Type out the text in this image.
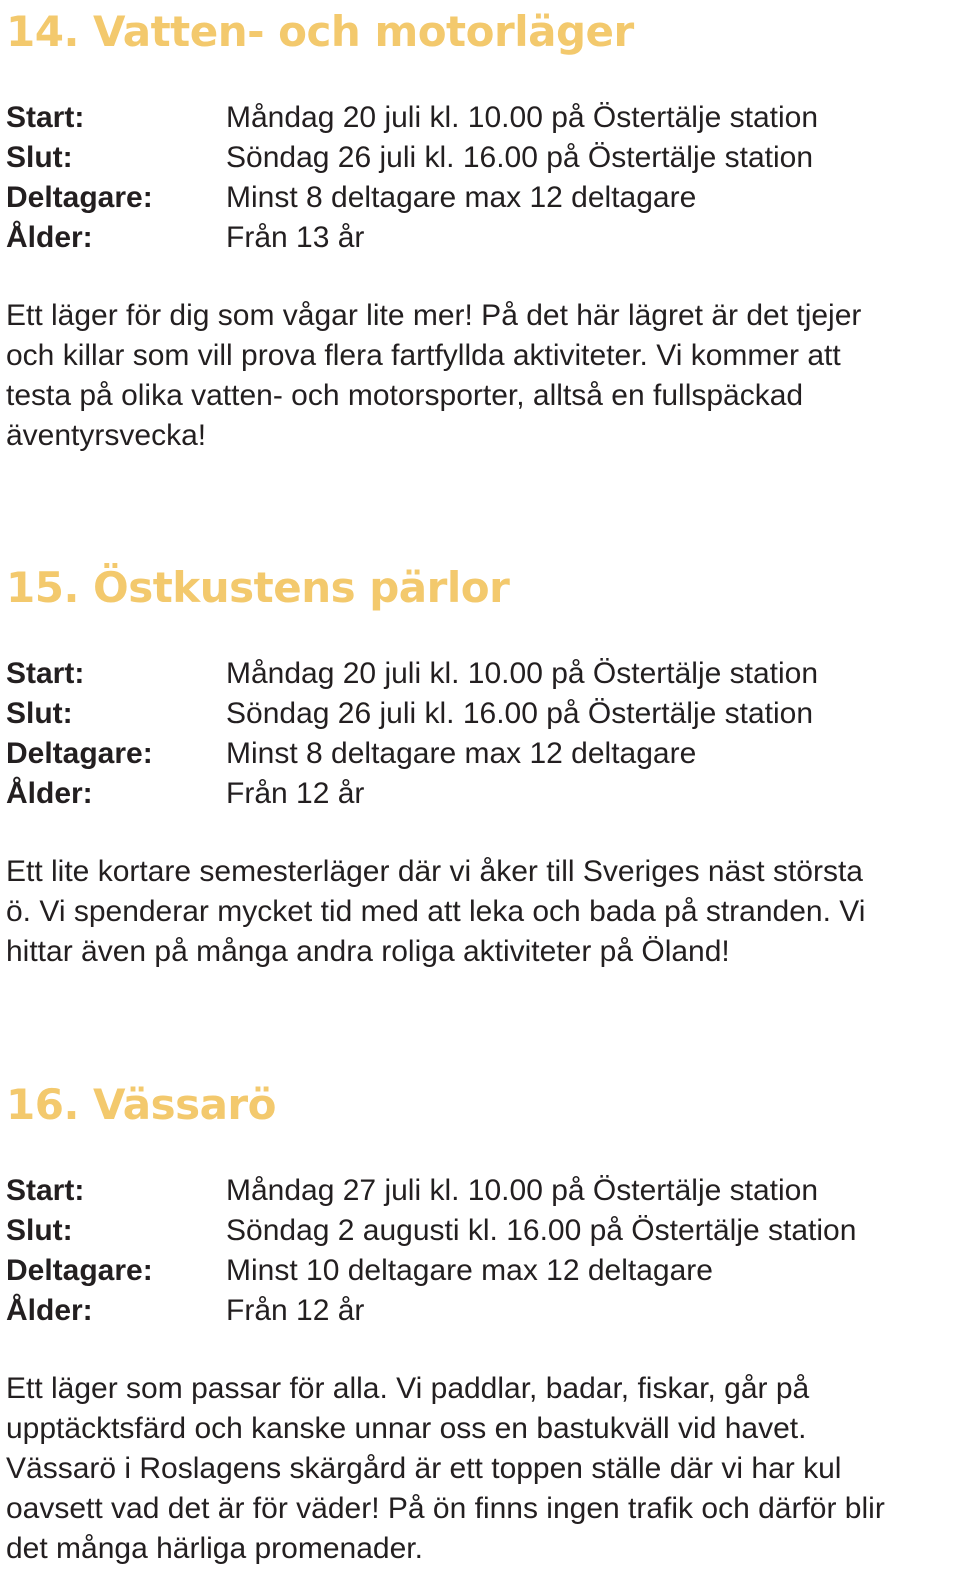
14. Vatten- och motorläger
Start:	Måndag 20 juli kl. 10.00 på Östertälje station
Slut:	Söndag 26 juli kl. 16.00 på Östertälje station
Deltagare:	Minst 8 deltagare max 12 deltagare
Ålder:	Från 13 år

Ett läger för dig som vågar lite mer! På det här lägret är det tjejer
och killar som vill prova flera fartfyllda aktiviteter. Vi kommer att
testa på olika vatten- och motorsporter, alltså en fullspäckad
äventyrsvecka!

15. Östkustens pärlor
Start:	Måndag 20 juli kl. 10.00 på Östertälje station
Slut:	Söndag 26 juli kl. 16.00 på Östertälje station
Deltagare:	Minst 8 deltagare max 12 deltagare
Ålder:	Från 12 år

Ett lite kortare semesterläger där vi åker till Sveriges näst största
ö. Vi spenderar mycket tid med att leka och bada på stranden. Vi
hittar även på många andra roliga aktiviteter på Öland!

16. Vässarö
Start:	Måndag 27 juli kl. 10.00 på Östertälje station
Slut:	Söndag 2 augusti kl. 16.00 på Östertälje station
Deltagare:	Minst 10 deltagare max 12 deltagare
Ålder:	Från 12 år

Ett läger som passar för alla. Vi paddlar, badar, fiskar, går på
upptäcktsfärd och kanske unnar oss en bastukväll vid havet.
Vässarö i Roslagens skärgård är ett toppen ställe där vi har kul
oavsett vad det är för väder! På ön finns ingen trafik och därför blir
det många härliga promenader.
